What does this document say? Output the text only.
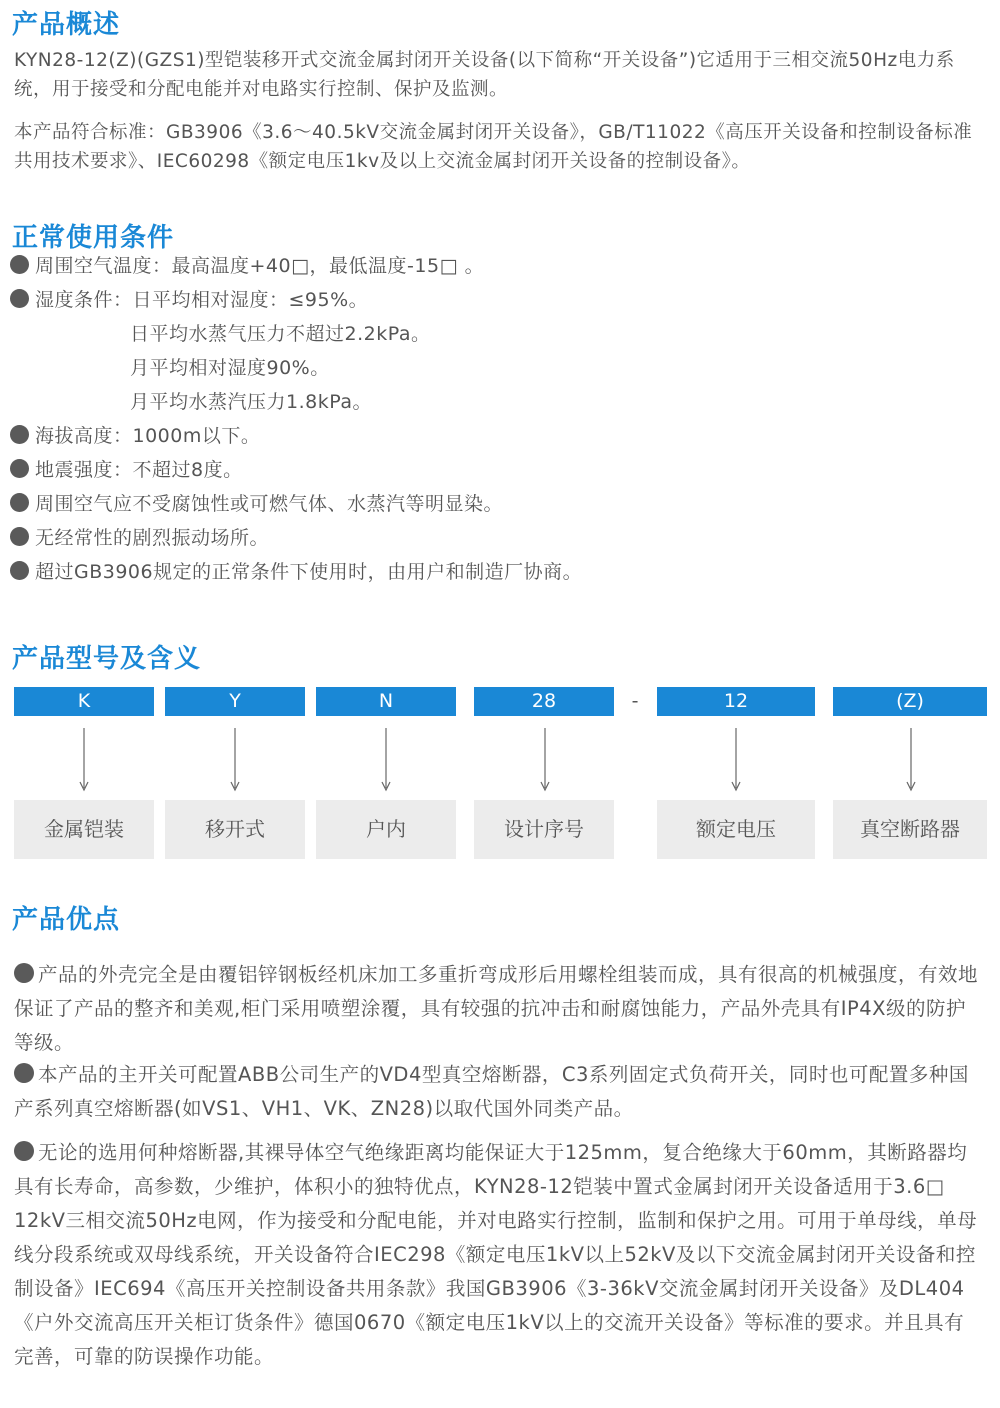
产品概述

KYN28-12(Z)(GZS1)型铠装移开式交流金属封闭开关设备(以下简称“开关设备”)它适用于三相交流50Hz电力系统，用于接受和分配电能并对电路实行控制、保护及监测。

本产品符合标准：GB3906《3.6～40.5kV交流金属封闭开关设备》，GB/T11022《高压开关设备和控制设备标准共用技术要求》、IEC60298《额定电压1kv及以上交流金属封闭开关设备的控制设备》。

正常使用条件
周围空气温度：最高温度+40□，最低温度-15□ 。
湿度条件：日平均相对湿度：≤95%。
日平均水蒸气压力不超过2.2kPa。
月平均相对湿度90%。
月平均水蒸汽压力1.8kPa。
海拔高度：1000m以下。
地震强度：不超过8度。
周围空气应不受腐蚀性或可燃气体、水蒸汽等明显染。
无经常性的剧烈振动场所。
超过GB3906规定的正常条件下使用时，由用户和制造厂协商。
产品型号及含义
K	Y	N	28	-	12	(Z)
金属铠装	移开式	户内	设计序号	额定电压	真空断路器
产品优点

产品的外壳完全是由覆铝锌钢板经机床加工多重折弯成形后用螺栓组装而成，具有很高的机械强度，有效地保证了产品的整齐和美观,柜门采用喷塑涂覆，具有较强的抗冲击和耐腐蚀能力，产品外壳具有IP4X级的防护等级。

本产品的主开关可配置ABB公司生产的VD4型真空熔断器，C3系列固定式负荷开关，同时也可配置多种国产系列真空熔断器(如VS1、VH1、VK、ZN28)以取代国外同类产品。

无论的选用何种熔断器,其裸导体空气绝缘距离均能保证大于125mm，复合绝缘大于60mm，其断路器均具有长寿命，高参数，少维护，体积小的独特优点，KYN28-12铠装中置式金属封闭开关设备适用于3.6□ 12kV三相交流50Hz电网，作为接受和分配电能，并对电路实行控制，监制和保护之用。可用于单母线，单母线分段系统或双母线系统，开关设备符合IEC298《额定电压1kV以上52kV及以下交流金属封闭开关设备和控制设备》IEC694《高压开关控制设备共用条款》我国GB3906《3-36kV交流金属封闭开关设备》及DL404《户外交流高压开关柜订货条件》德国0670《额定电压1kV以上的交流开关设备》等标准的要求。并且具有完善，可靠的防误操作功能。
